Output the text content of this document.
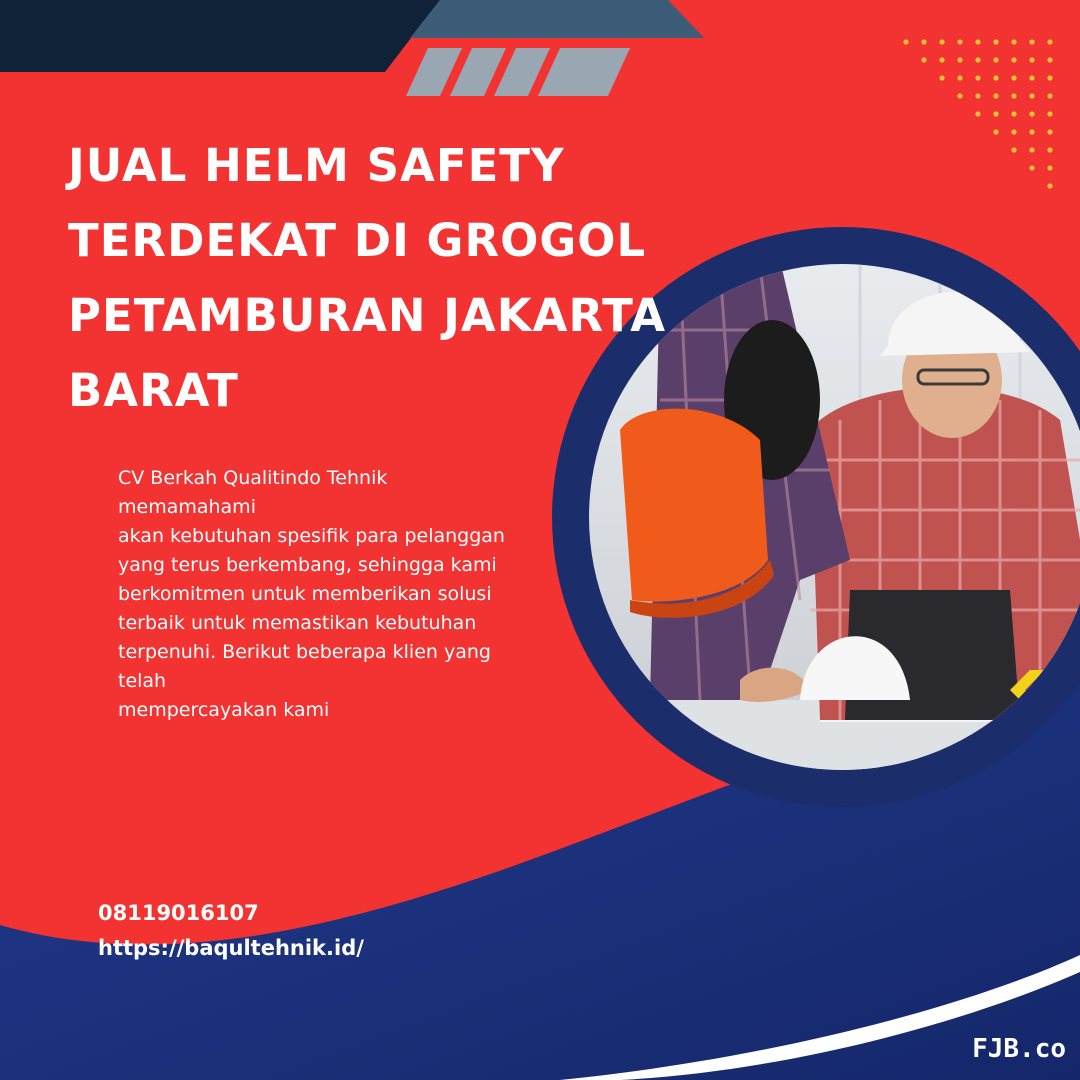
JUAL HELM SAFETY
TERDEKAT DI GROGOL
PETAMBURAN JAKARTA
BARAT
CV Berkah Qualitindo Tehnik
memamahami
akan kebutuhan spesifik para pelanggan
yang terus berkembang, sehingga kami
berkomitmen untuk memberikan solusi
terbaik untuk memastikan kebutuhan
terpenuhi. Berikut beberapa klien yang
telah
mempercayakan kami
08119016107
https://baqultehnik.id/
FJB.co
